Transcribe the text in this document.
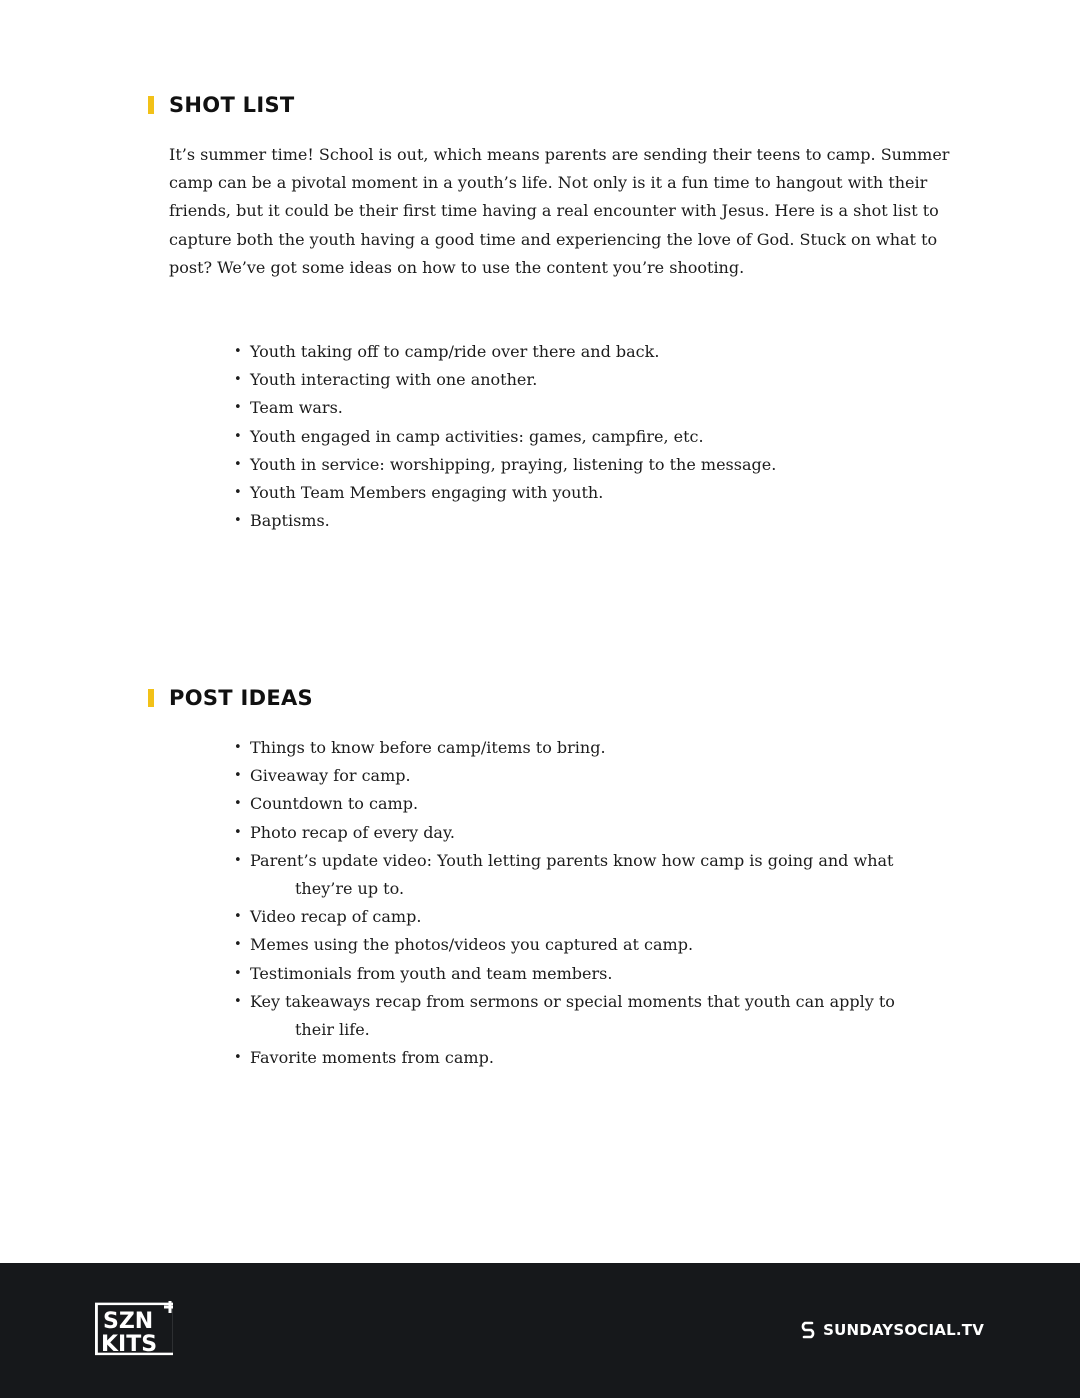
SHOT LIST

It’s summer time! School is out, which means parents are sending their teens to camp. Summer camp can be a pivotal moment in a youth’s life. Not only is it a fun time to hangout with their friends, but it could be their first time having a real encounter with Jesus. Here is a shot list to capture both the youth having a good time and experiencing the love of God. Stuck on what to post? We’ve got some ideas on how to use the content you’re shooting.

• Youth taking off to camp/ride over there and back.
• Youth interacting with one another.
• Team wars.
• Youth engaged in camp activities: games, campfire, etc.
• Youth in service: worshipping, praying, listening to the message.
• Youth Team Members engaging with youth.
• Baptisms.
POST IDEAS
• Things to know before camp/items to bring.
• Giveaway for camp.
• Countdown to camp.
• Photo recap of every day.
• Parent’s update video: Youth letting parents know how camp is going and what
they’re up to.
• Video recap of camp.
• Memes using the photos/videos you captured at camp.
• Testimonials from youth and team members.
• Key takeaways recap from sermons or special moments that youth can apply to
their life.
• Favorite moments from camp.
SZN
KITS
SUNDAYSOCIAL.TV
